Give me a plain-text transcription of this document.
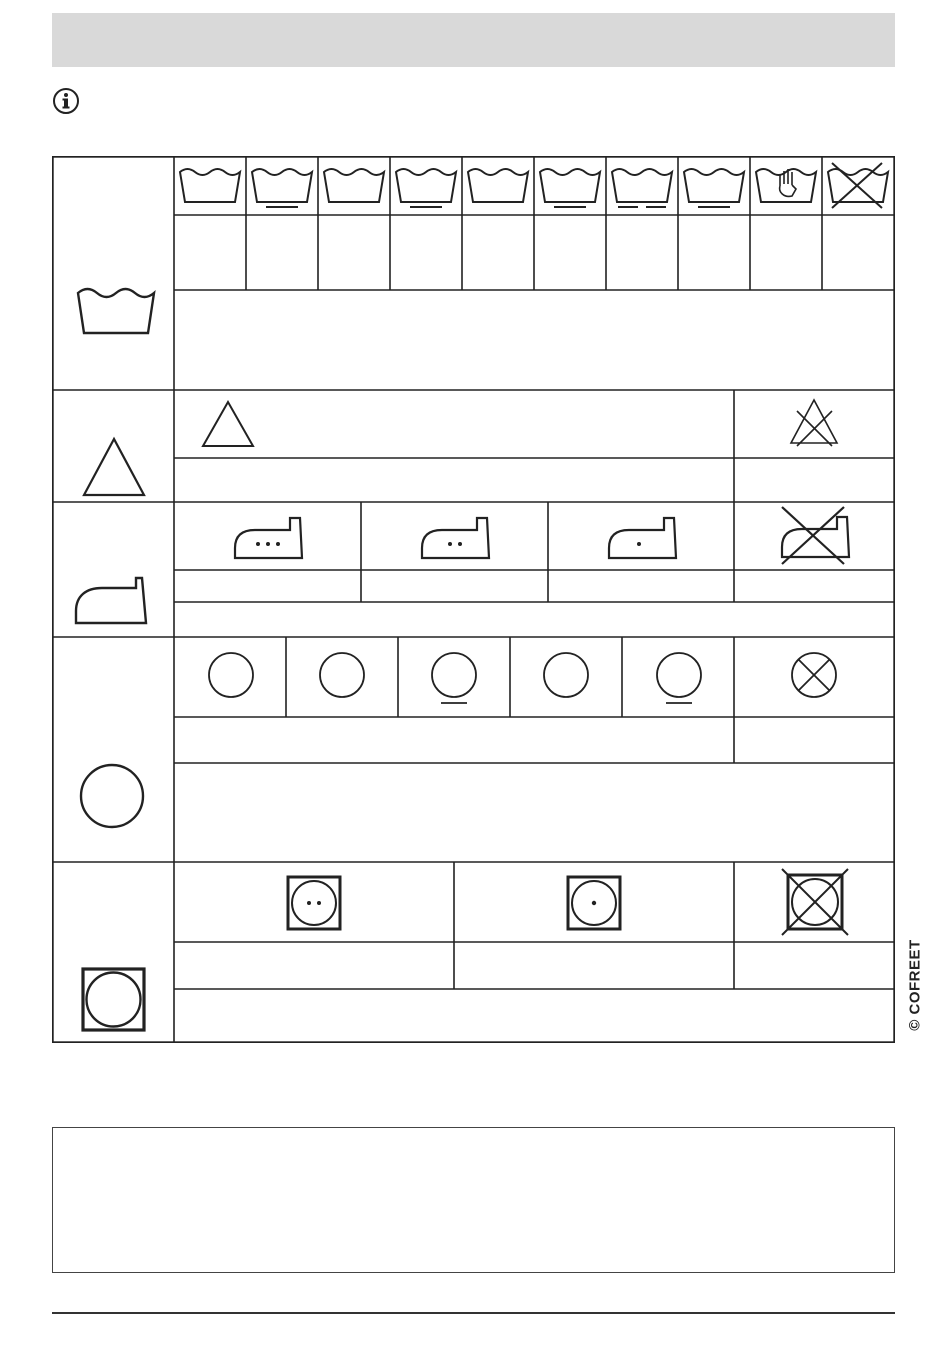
© COFREET
